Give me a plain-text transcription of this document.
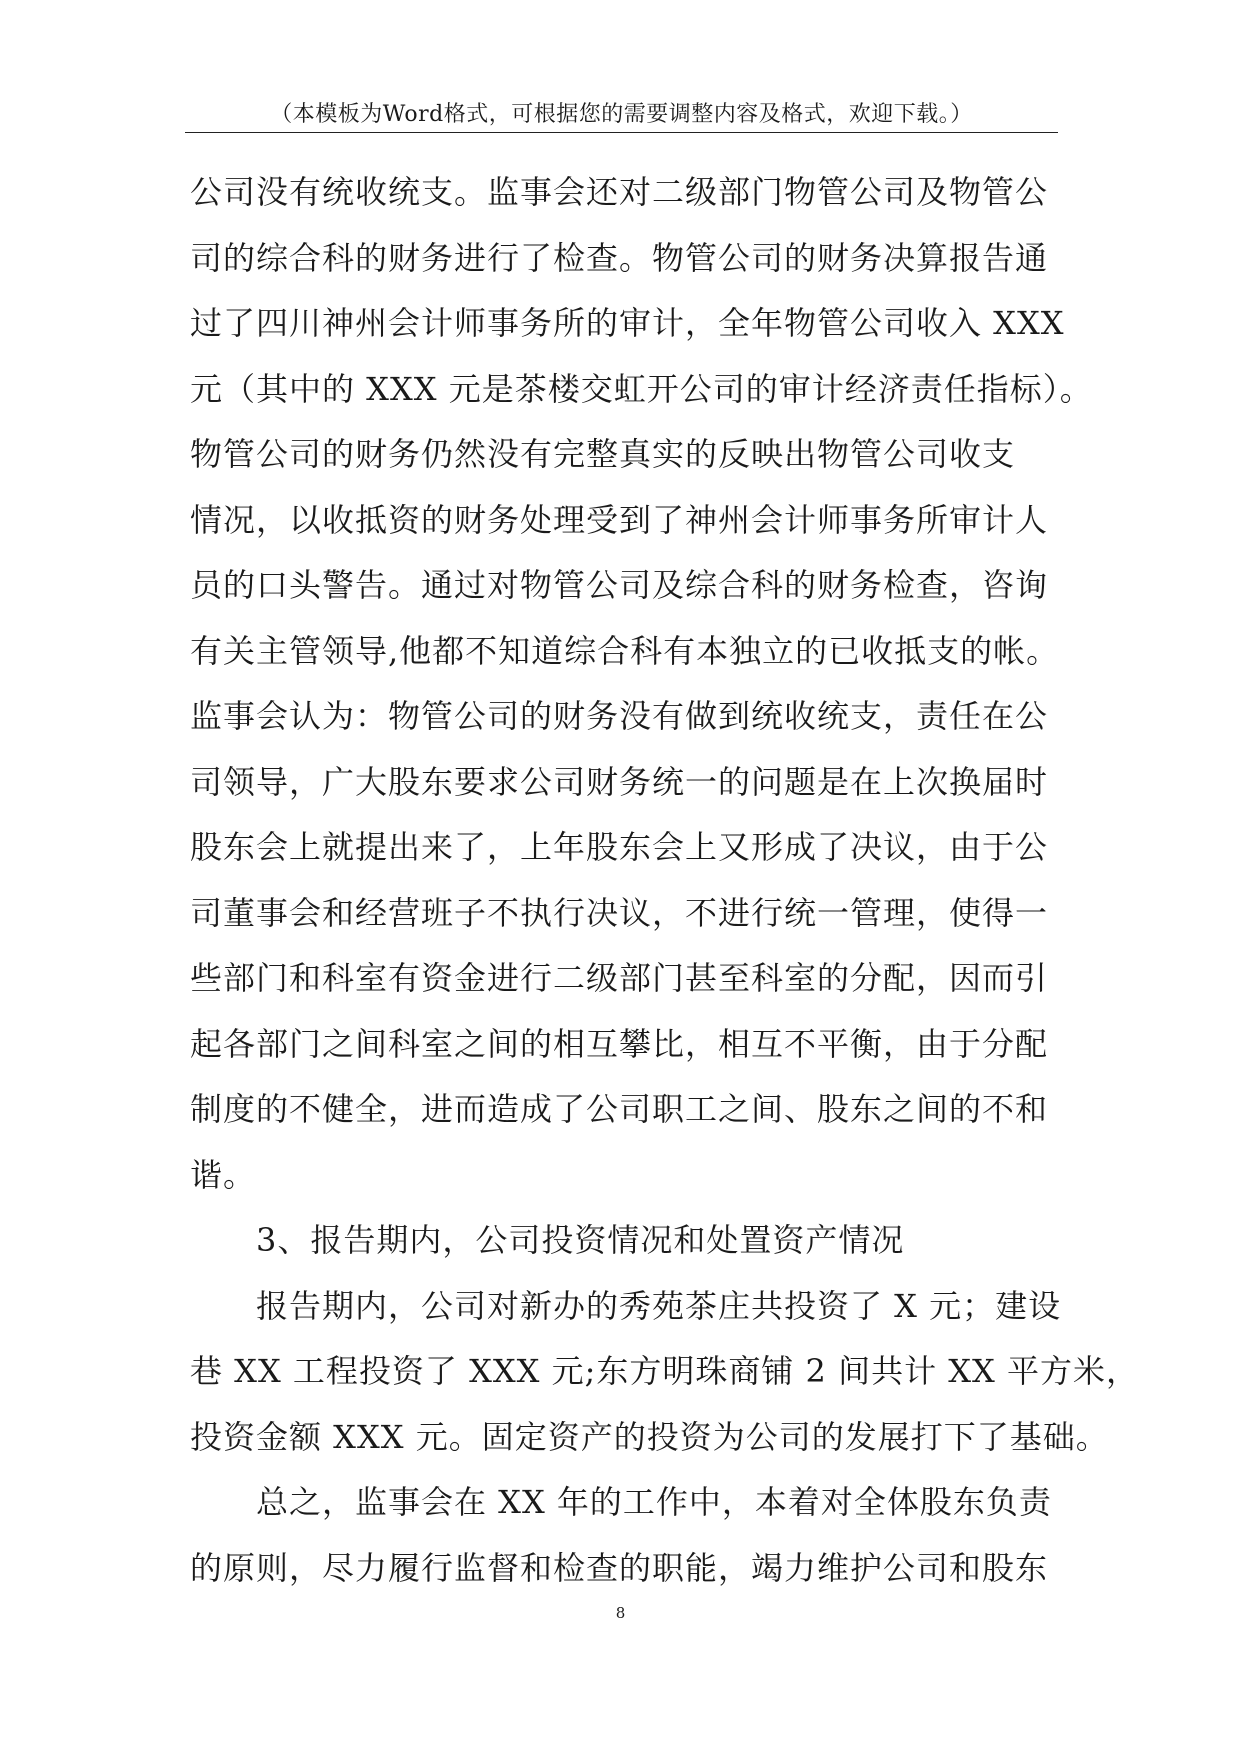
（本模板为Word格式，可根据您的需要调整内容及格式，欢迎下载。）
公司没有统收统支。监事会还对二级部门物管公司及物管公
司的综合科的财务进行了检查。物管公司的财务决算报告通
过了四川神州会计师事务所的审计，全年物管公司收入 XXX
元（其中的 XXX 元是茶楼交虹开公司的审计经济责任指标）。
物管公司的财务仍然没有完整真实的反映出物管公司收支
情况，以收抵资的财务处理受到了神州会计师事务所审计人
员的口头警告。通过对物管公司及综合科的财务检查，咨询
有关主管领导,他都不知道综合科有本独立的已收抵支的帐。
监事会认为：物管公司的财务没有做到统收统支，责任在公
司领导，广大股东要求公司财务统一的问题是在上次换届时
股东会上就提出来了，上年股东会上又形成了决议，由于公
司董事会和经营班子不执行决议，不进行统一管理，使得一
些部门和科室有资金进行二级部门甚至科室的分配，因而引
起各部门之间科室之间的相互攀比，相互不平衡，由于分配
制度的不健全，进而造成了公司职工之间、股东之间的不和
谐。
3、报告期内，公司投资情况和处置资产情况
报告期内，公司对新办的秀苑茶庄共投资了 X 元；建设
巷 XX 工程投资了 XXX 元;东方明珠商铺 2 间共计 XX 平方米，
投资金额 XXX 元。固定资产的投资为公司的发展打下了基础。
总之，监事会在 XX 年的工作中，本着对全体股东负责
的原则，尽力履行监督和检查的职能，竭力维护公司和股东
8
